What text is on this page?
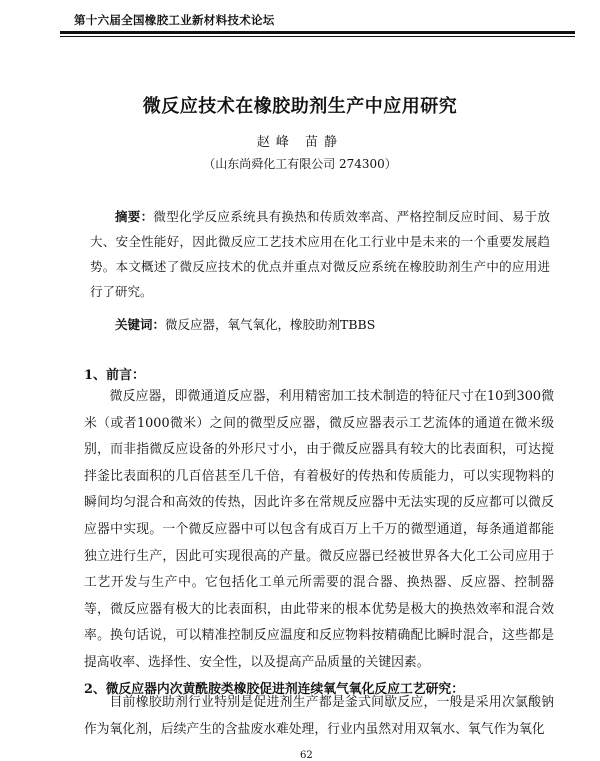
第十六届全国橡胶工业新材料技术论坛
微反应技术在橡胶助剂生产中应用研究
赵峰 苗静
（山东尚舜化工有限公司 274300）

摘要：微型化学反应系统具有换热和传质效率高、严格控制反应时间、易于放大、安全性能好，因此微反应工艺技术应用在化工行业中是未来的一个重要发展趋势。本文概述了微反应技术的优点并重点对微反应系统在橡胶助剂生产中的应用进行了研究。

关键词：微反应器，氧气氧化，橡胶助剂TBBS

1、前言：

微反应器，即微通道反应器，利用精密加工技术制造的特征尺寸在10到300微米（或者1000微米）之间的微型反应器，微反应器表示工艺流体的通道在微米级别，而非指微反应设备的外形尺寸小，由于微反应器具有较大的比表面积，可达搅拌釜比表面积的几百倍甚至几千倍，有着极好的传热和传质能力，可以实现物料的瞬间均匀混合和高效的传热，因此许多在常规反应器中无法实现的反应都可以微反应器中实现。一个微反应器中可以包含有成百万上千万的微型通道，每条通道都能独立进行生产，因此可实现很高的产量。微反应器已经被世界各大化工公司应用于工艺开发与生产中。它包括化工单元所需要的混合器、换热器、反应器、控制器等，微反应器有极大的比表面积，由此带来的根本优势是极大的换热效率和混合效率。换句话说，可以精准控制反应温度和反应物料按精确配比瞬时混合，这些都是提高收率、选择性、安全性，以及提高产品质量的关键因素。

2、微反应器内次黄酰胺类橡胶促进剂连续氧气氧化反应工艺研究：

目前橡胶助剂行业特别是促进剂生产都是釜式间歇反应，一般是采用次氯酸钠作为氧化剂，后续产生的含盐废水难处理，行业内虽然对用双氧水、氧气作为氧化

62
